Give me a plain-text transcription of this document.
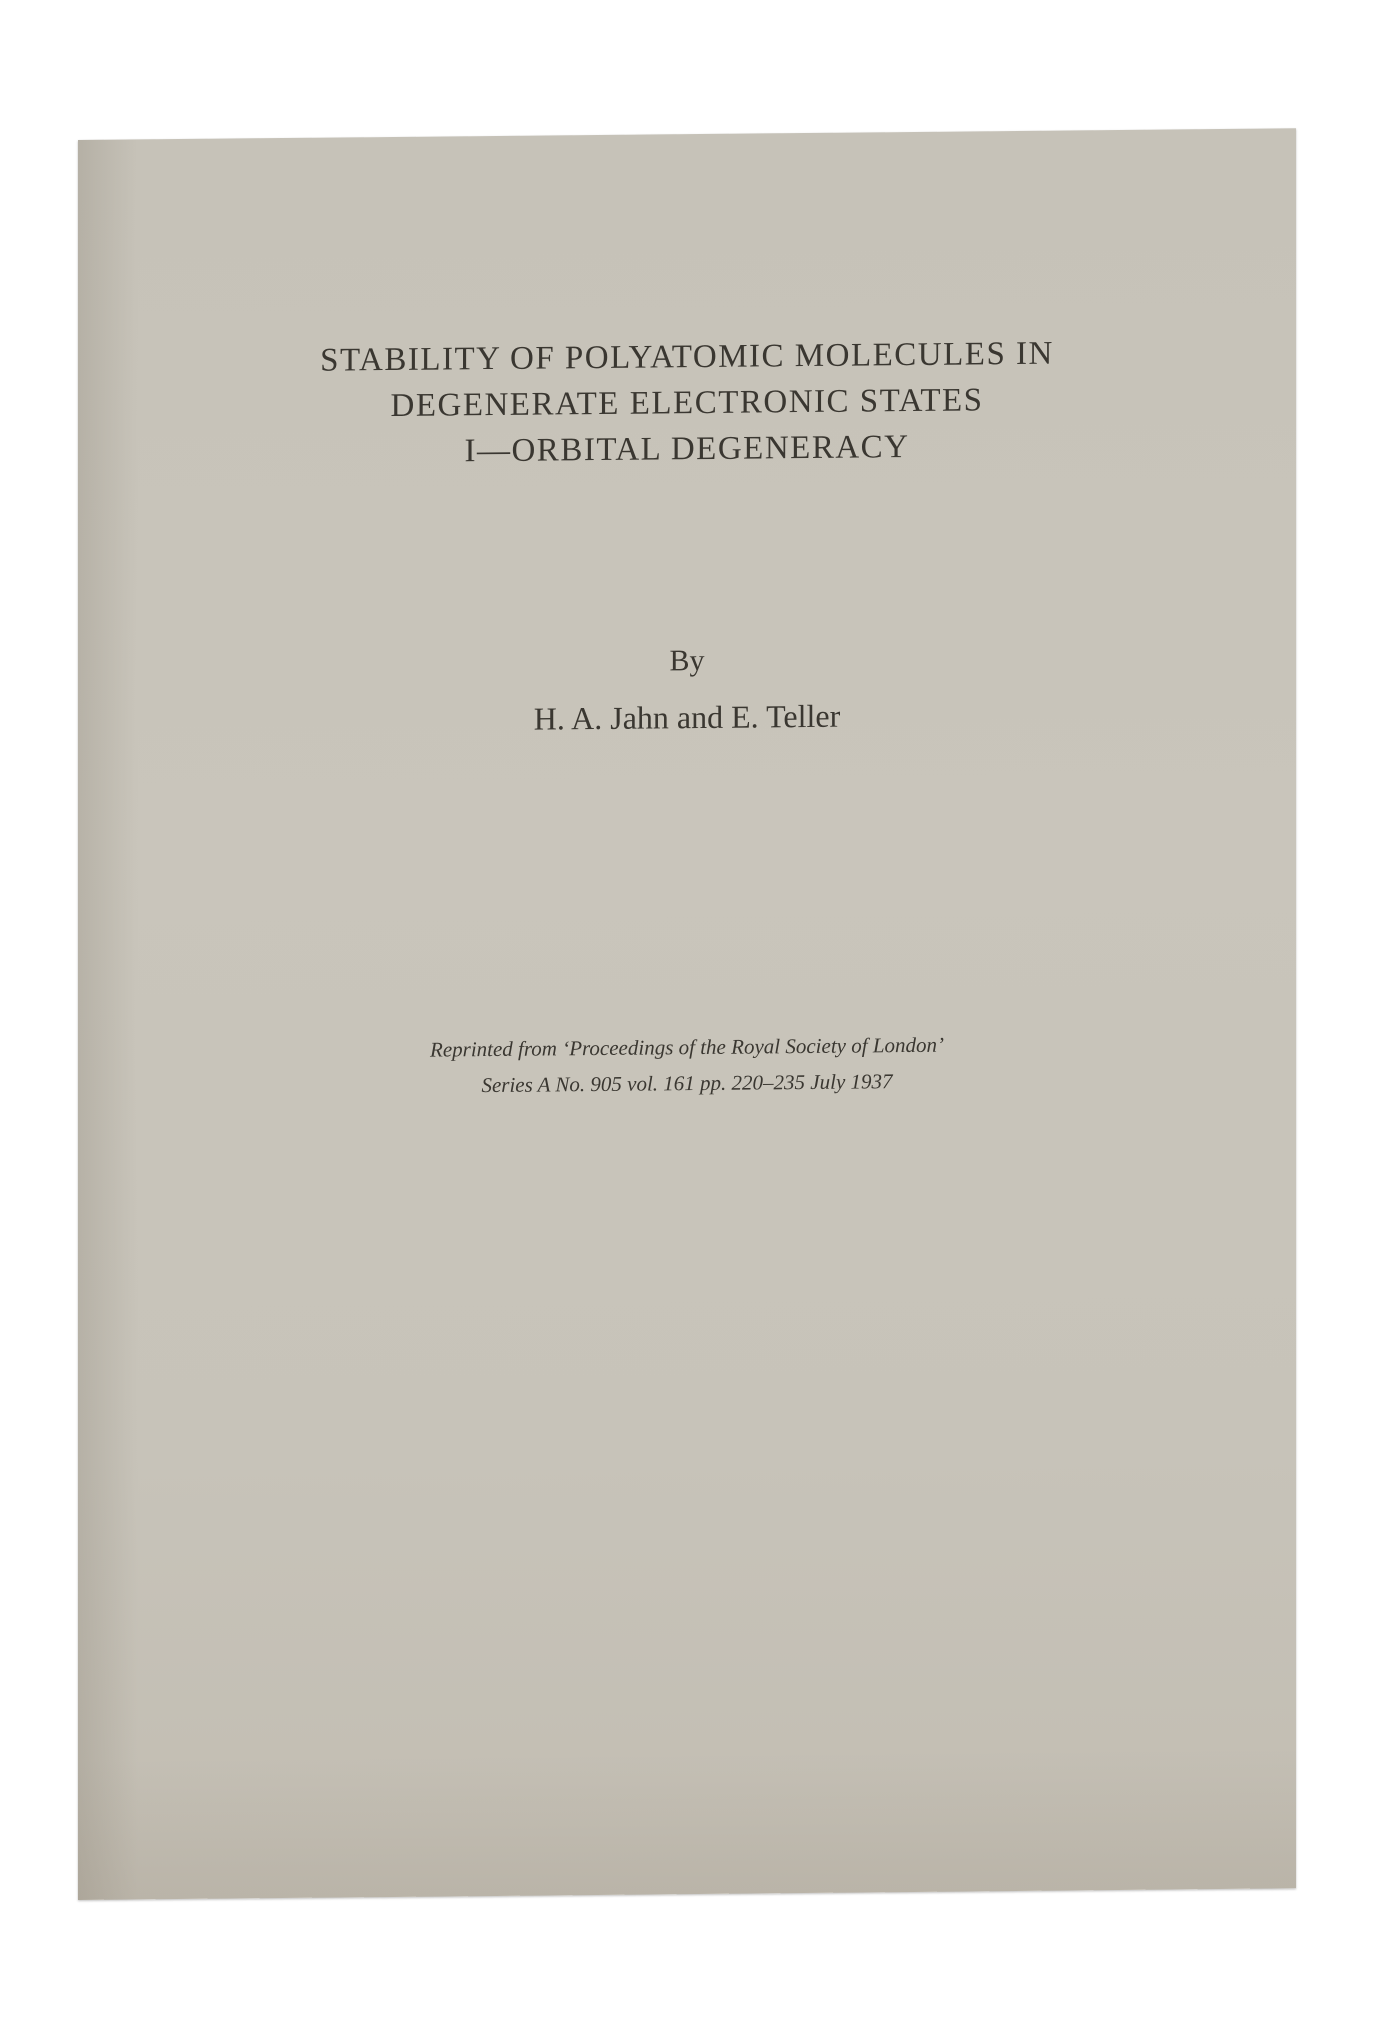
STABILITY OF POLYATOMIC MOLECULES IN
DEGENERATE ELECTRONIC STATES
I—ORBITAL DEGENERACY
By
H. A. Jahn and E. Teller
Reprinted from ‘Proceedings of the Royal Society of London’
Series A No. 905 vol. 161 pp. 220–235 July 1937
